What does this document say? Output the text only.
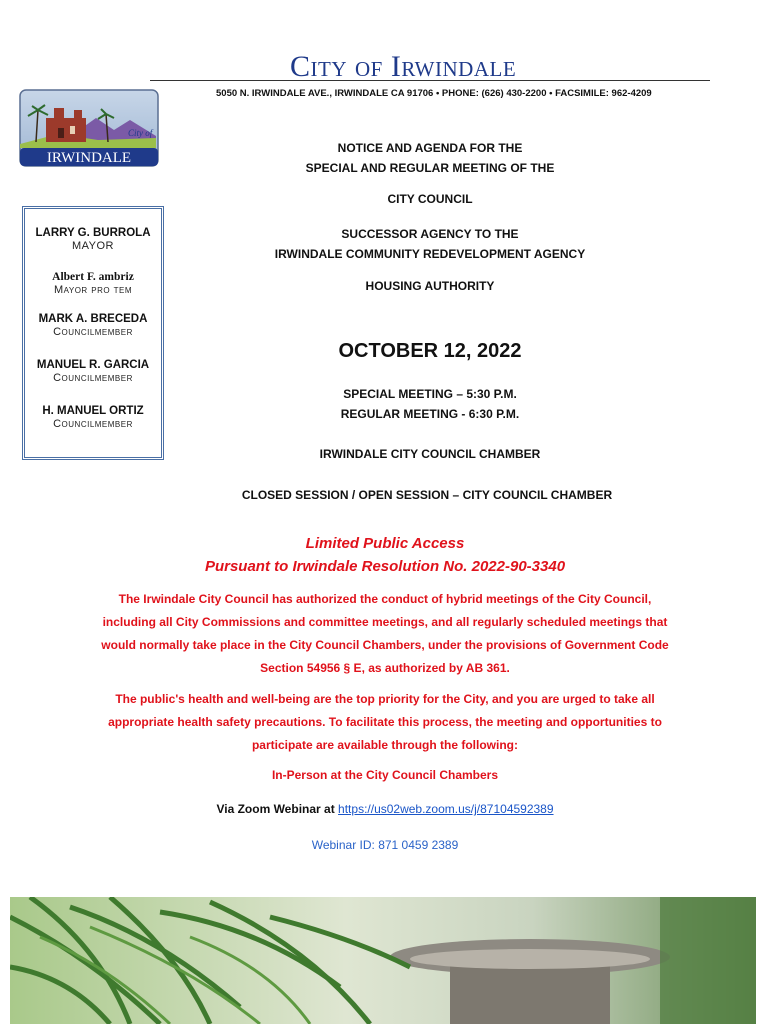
City of Irwindale
5050 N. IRWINDALE AVE., IRWINDALE CA 91706 • PHONE: (626) 430-2200 • FACSIMILE: 962-4209
City of
IRWINDALE
LARRY G. BURROLA
MAYOR
Albert F. ambriz
Mayor pro tem
MARK A. BRECEDA
Councilmember
MANUEL R. GARCIA
Councilmember
H. MANUEL ORTIZ
Councilmember
NOTICE AND AGENDA FOR THE
SPECIAL AND REGULAR MEETING OF THE
CITY COUNCIL
SUCCESSOR AGENCY TO THE
IRWINDALE COMMUNITY REDEVELOPMENT AGENCY
HOUSING AUTHORITY
OCTOBER 12, 2022
SPECIAL MEETING – 5:30 P.M.
REGULAR MEETING - 6:30 P.M.
IRWINDALE CITY COUNCIL CHAMBER
CLOSED SESSION / OPEN SESSION – CITY COUNCIL CHAMBER
Limited Public Access
Pursuant to Irwindale Resolution No. 2022-90-3340
The Irwindale City Council has authorized the conduct of hybrid meetings of the City Council,
including all City Commissions and committee meetings, and all regularly scheduled meetings that
would normally take place in the City Council Chambers, under the provisions of Government Code
Section 54956 § E, as authorized by AB 361.
The public's health and well-being are the top priority for the City, and you are urged to take all
appropriate health safety precautions. To facilitate this process, the meeting and opportunities to
participate are available through the following:
In-Person at the City Council Chambers
Via Zoom Webinar at https://us02web.zoom.us/j/87104592389
Webinar ID: 871 0459 2389
